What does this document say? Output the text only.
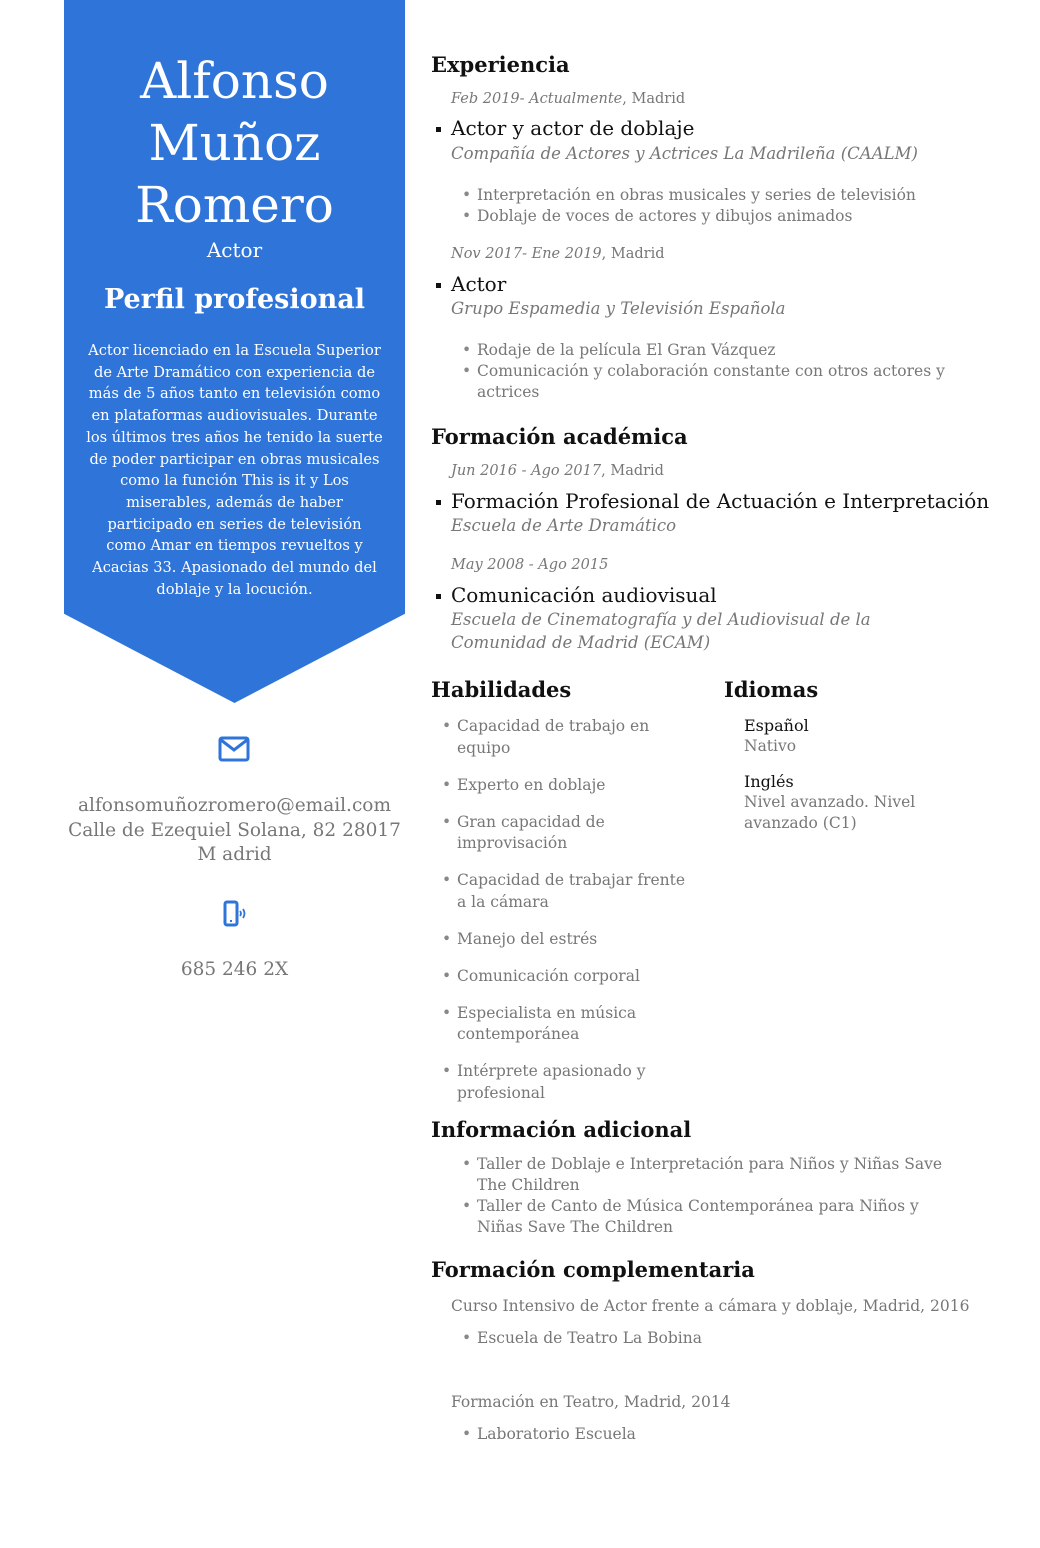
Alfonso
Muñoz
Romero
Actor
Perfil profesional
Actor licenciado en la Escuela Superior de Arte Dramático con experiencia de más de 5 años tanto en televisión como en plataformas audiovisuales. Durante los últimos tres años he tenido la suerte de poder participar en obras musicales como la función This is it y Los miserables, además de haber participado en series de televisión como Amar en tiempos revueltos y Acacias 33. Apasionado del mundo del doblaje y la locución.
alfonsomuñozromero@email.com
Calle de Ezequiel Solana, 82 28017 M adrid
685 246 2X
Experiencia
Feb 2019- Actualmente, Madrid
Actor y actor de doblaje
Compañía de Actores y Actrices La Madrileña (CAALM)
• Interpretación en obras musicales y series de televisión
• Doblaje de voces de actores y dibujos animados
Nov 2017- Ene 2019, Madrid
Actor
Grupo Espamedia y Televisión Española
• Rodaje de la película El Gran Vázquez
• Comunicación y colaboración constante con otros actores y actrices
Formación académica
Jun 2016 - Ago 2017, Madrid
Formación Profesional de Actuación e Interpretación
Escuela de Arte Dramático
May 2008 - Ago 2015
Comunicación audiovisual
Escuela de Cinematografía y del Audiovisual de la Comunidad de Madrid (ECAM)
Habilidades
• Capacidad de trabajo en equipo
• Experto en doblaje
• Gran capacidad de improvisación
• Capacidad de trabajar frente a la cámara
• Manejo del estrés
• Comunicación corporal
• Especialista en música contemporánea
• Intérprete apasionado y profesional
Idiomas
Español
Nativo
Inglés
Nivel avanzado. Nivel avanzado (C1)
Información adicional
• Taller de Doblaje e Interpretación para Niños y Niñas Save The Children
• Taller de Canto de Música Contemporánea para Niños y Niñas Save The Children
Formación complementaria
Curso Intensivo de Actor frente a cámara y doblaje, Madrid, 2016
• Escuela de Teatro La Bobina
Formación en Teatro, Madrid, 2014
• Laboratorio Escuela
